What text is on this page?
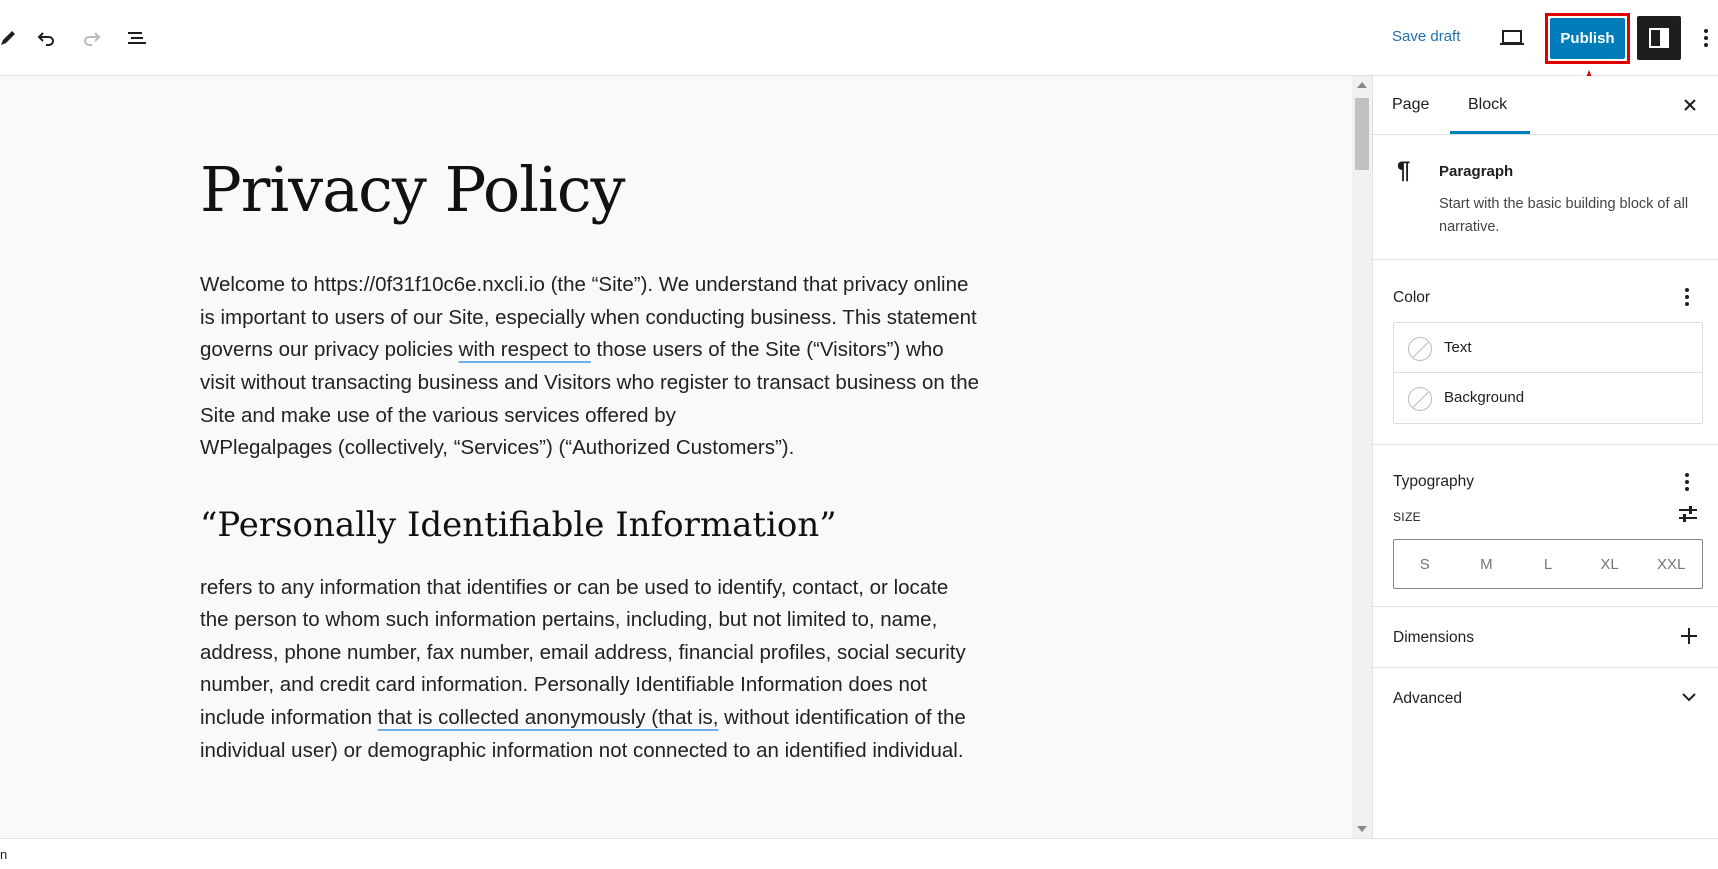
Save draft	Publish
Privacy Policy

Welcome to https://0f31f10c6e.nxcli.io (the “Site”). We understand that privacy online is important to users of our Site, especially when conducting business. This statement governs our privacy policies with respect to those users of the Site (“Visitors”) who visit without transacting business and Visitors who register to transact business on the Site and make use of the various services offered by
WPlegalpages (collectively, “Services”) (“Authorized Customers”).

“Personally Identifiable Information”

refers to any information that identifies or can be used to identify, contact, or locate the person to whom such information pertains, including, but not limited to, name, address, phone number, fax number, email address, financial profiles, social security number, and credit card information. Personally Identifiable Information does not include information that is collected anonymously (that is, without identification of the individual user) or demographic information not connected to an identified individual.

Page Block
¶ Paragraph
Start with the basic building block of all narrative.
Color
Text
Background
Typography
SIZE
S	M	L	XL	XXL
Dimensions
Advanced
n
